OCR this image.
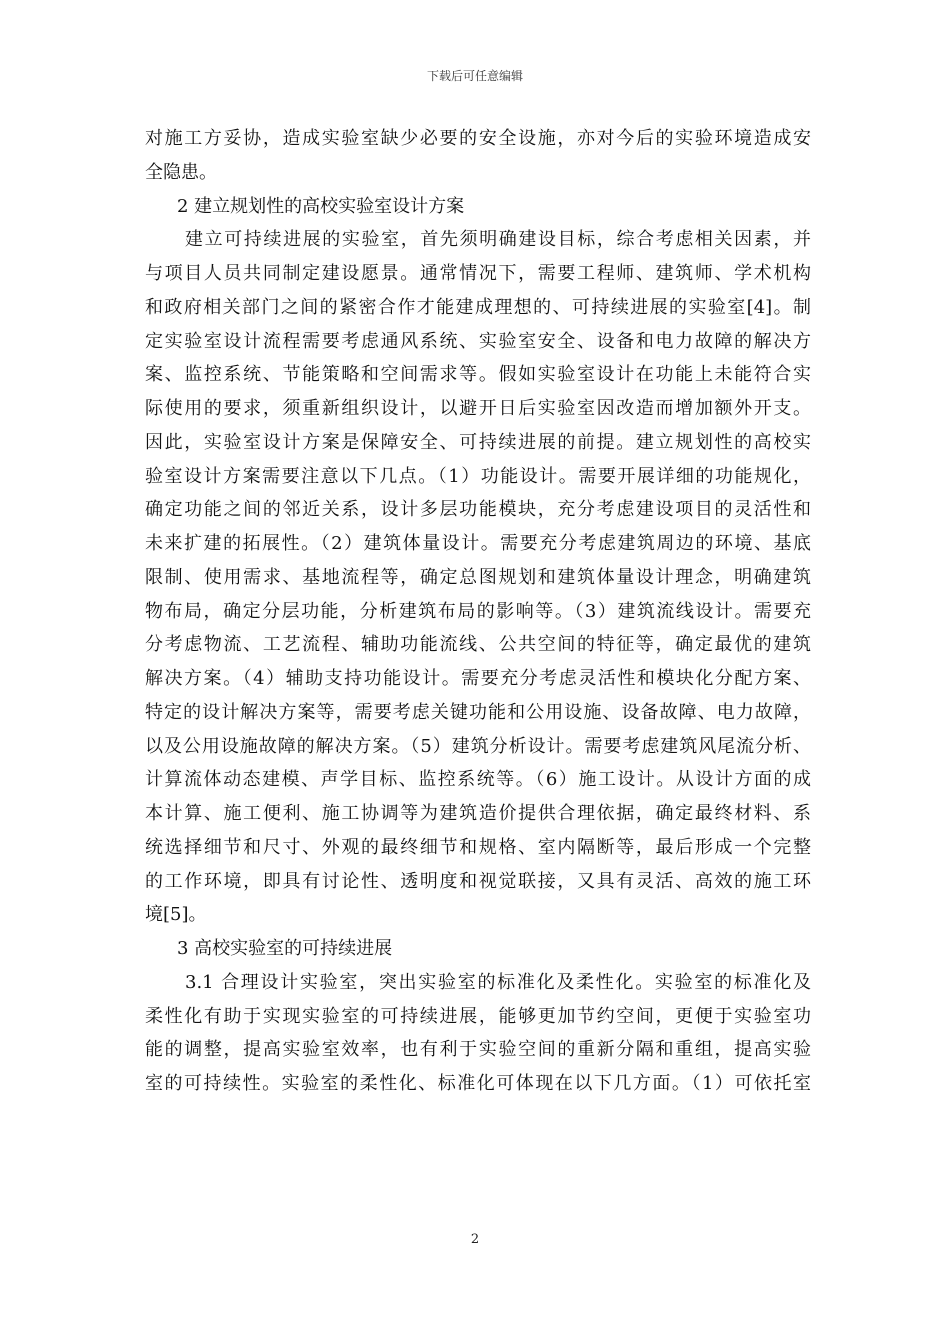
下载后可任意编辑
对施工方妥协，造成实验室缺少必要的安全设施，亦对今后的实验环境造成安
全隐患。
2 建立规划性的高校实验室设计方案
建立可持续进展的实验室，首先须明确建设目标，综合考虑相关因素，并
与项目人员共同制定建设愿景。通常情况下，需要工程师、建筑师、学术机构
和政府相关部门之间的紧密合作才能建成理想的、可持续进展的实验室[4]。制
定实验室设计流程需要考虑通风系统、实验室安全、设备和电力故障的解决方
案、监控系统、节能策略和空间需求等。假如实验室设计在功能上未能符合实
际使用的要求，须重新组织设计，以避开日后实验室因改造而增加额外开支。
因此，实验室设计方案是保障安全、可持续进展的前提。建立规划性的高校实
验室设计方案需要注意以下几点。（1）功能设计。需要开展详细的功能规化，
确定功能之间的邻近关系，设计多层功能模块，充分考虑建设项目的灵活性和
未来扩建的拓展性。（2）建筑体量设计。需要充分考虑建筑周边的环境、基底
限制、使用需求、基地流程等，确定总图规划和建筑体量设计理念，明确建筑
物布局，确定分层功能，分析建筑布局的影响等。（3）建筑流线设计。需要充
分考虑物流、工艺流程、辅助功能流线、公共空间的特征等，确定最优的建筑
解决方案。（4）辅助支持功能设计。需要充分考虑灵活性和模块化分配方案、
特定的设计解决方案等，需要考虑关键功能和公用设施、设备故障、电力故障，
以及公用设施故障的解决方案。（5）建筑分析设计。需要考虑建筑风尾流分析、
计算流体动态建模、声学目标、监控系统等。（6）施工设计。从设计方面的成
本计算、施工便利、施工协调等为建筑造价提供合理依据，确定最终材料、系
统选择细节和尺寸、外观的最终细节和规格、室内隔断等，最后形成一个完整
的工作环境，即具有讨论性、透明度和视觉联接，又具有灵活、高效的施工环
境[5]。
3 高校实验室的可持续进展
3.1 合理设计实验室，突出实验室的标准化及柔性化。实验室的标准化及
柔性化有助于实现实验室的可持续进展，能够更加节约空间，更便于实验室功
能的调整，提高实验室效率，也有利于实验空间的重新分隔和重组，提高实验
室的可持续性。实验室的柔性化、标准化可体现在以下几方面。（1）可依托室
2
